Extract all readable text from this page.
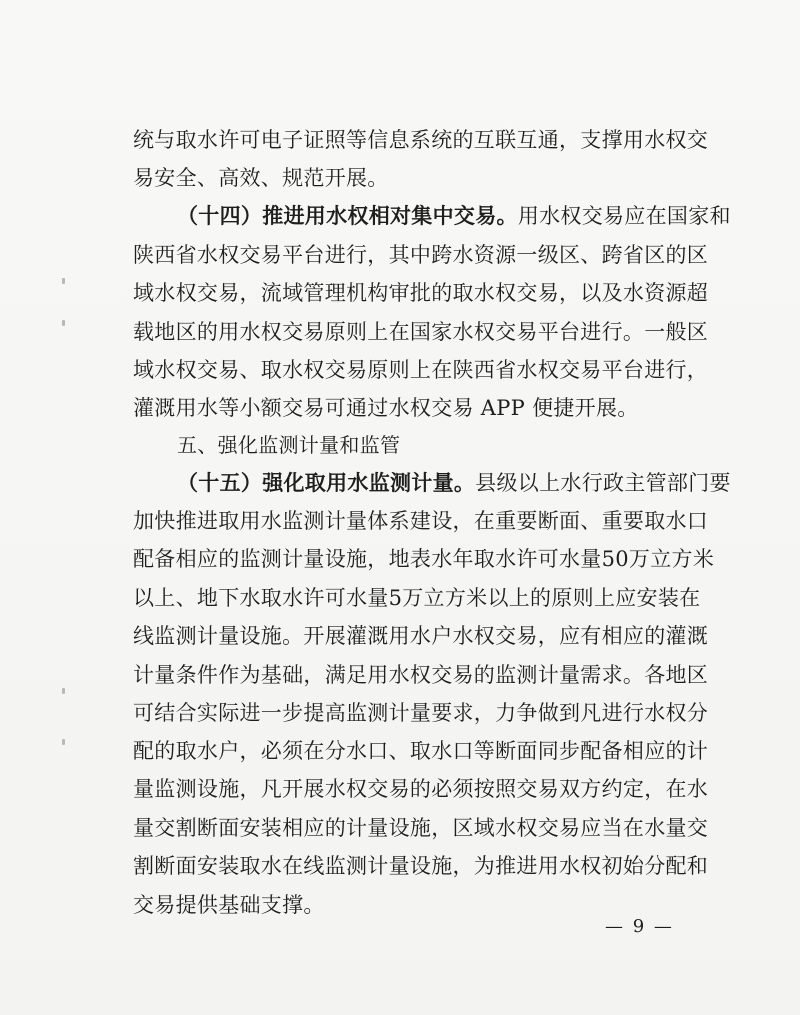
统与取水许可电子证照等信息系统的互联互通，支撑用水权交
易安全、高效、规范开展。
（十四）推进用水权相对集中交易。用水权交易应在国家和
陕西省水权交易平台进行，其中跨水资源一级区、跨省区的区
域水权交易，流域管理机构审批的取水权交易，以及水资源超
载地区的用水权交易原则上在国家水权交易平台进行。一般区
域水权交易、取水权交易原则上在陕西省水权交易平台进行，
灌溉用水等小额交易可通过水权交易 APP 便捷开展。
五、强化监测计量和监管
（十五）强化取用水监测计量。县级以上水行政主管部门要
加快推进取用水监测计量体系建设，在重要断面、重要取水口
配备相应的监测计量设施，地表水年取水许可水量50万立方米
以上、地下水取水许可水量5万立方米以上的原则上应安装在
线监测计量设施。开展灌溉用水户水权交易，应有相应的灌溉
计量条件作为基础，满足用水权交易的监测计量需求。各地区
可结合实际进一步提高监测计量要求，力争做到凡进行水权分
配的取水户，必须在分水口、取水口等断面同步配备相应的计
量监测设施，凡开展水权交易的必须按照交易双方约定，在水
量交割断面安装相应的计量设施，区域水权交易应当在水量交
割断面安装取水在线监测计量设施，为推进用水权初始分配和
交易提供基础支撑。
— 9 —
